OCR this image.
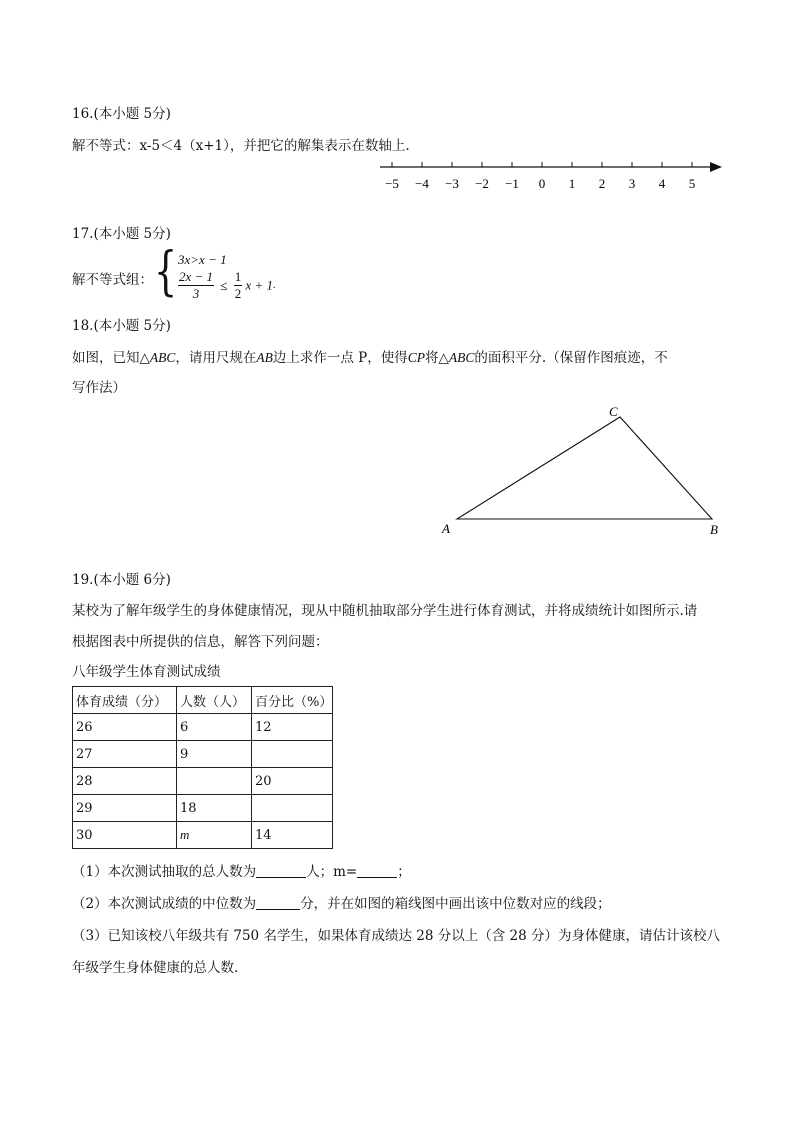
16.(本小题 5分)
解不等式：x-5＜4（x+1），并把它的解集表示在数轴上.
−5 −4 −3 −2 −1 0 1 2 3 4 5
17.(本小题 5分)
解不等式组： { 3x>x − 1
$\frac{2x - 1}{3} \le \frac{1}{2}$ x + 1.
18.(本小题 5分)
如图，已知△ABC，请用尺规在AB边上求作一点 P，使得CP将△ABC的面积平分.（保留作图痕迹，不
写作法）
A	B
C
19.(本小题 6分)
某校为了解年级学生的身体健康情况，现从中随机抽取部分学生进行体育测试，并将成绩统计如图所示.请
根据图表中所提供的信息，解答下列问题：
八年级学生体育测试成绩
体育成绩（分）	人数（人）	百分比（%）
26	6	12
27	9	
28		20
29	18	
30	m	14
（1）本次测试抽取的总人数为	人；m=	；
（2）本次测试成绩的中位数为	分，并在如图的箱线图中画出该中位数对应的线段；
（3）已知该校八年级共有 750 名学生，如果体育成绩达 28 分以上（含 28 分）为身体健康，请估计该校八
年级学生身体健康的总人数.
